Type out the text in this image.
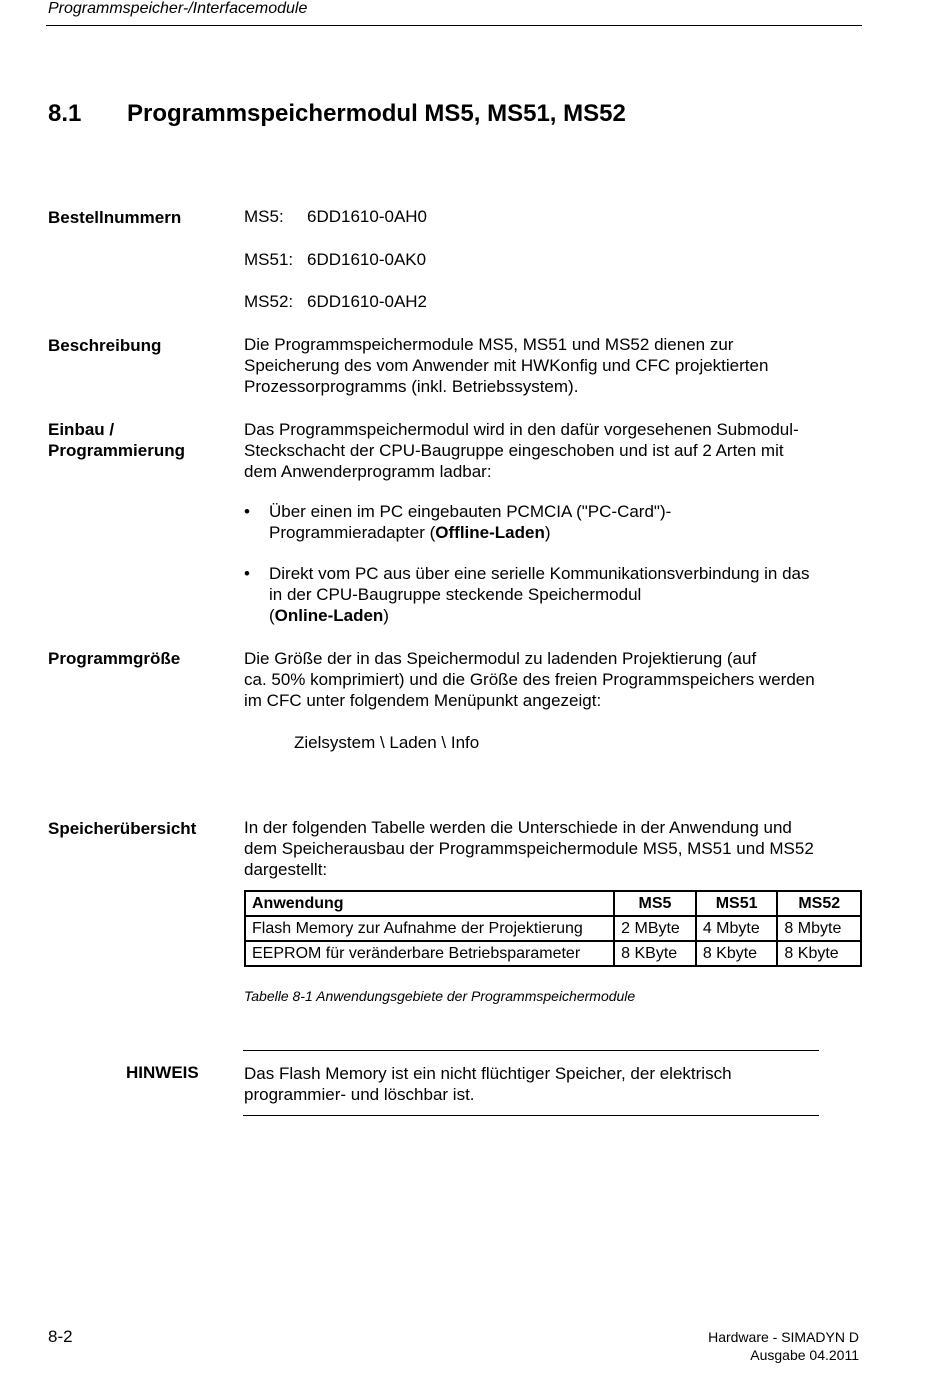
Programmspeicher-/Interfacemodule
8.1 Programmspeichermodul MS5, MS51, MS52
Bestellnummern	MS5: 6DD1610-0AH0
MS51: 6DD1610-0AK0
MS52: 6DD1610-0AH2
Beschreibung	Die Programmspeichermodule MS5, MS51 und MS52 dienen zur
Speicherung des vom Anwender mit HWKonfig und CFC projektierten
Prozessorprogramms (inkl. Betriebssystem).
Einbau /
Programmierung
Das Programmspeichermodul wird in den dafür vorgesehenen Submodul-
Steckschacht der CPU-Baugruppe eingeschoben und ist auf 2 Arten mit
dem Anwenderprogramm ladbar:
• Über einen im PC eingebauten PCMCIA ("PC-Card")-
Programmieradapter (Offline-Laden)
• Direkt vom PC aus über eine serielle Kommunikationsverbindung in das
in der CPU-Baugruppe steckende Speichermodul
(Online-Laden)
Programmgröße	Die Größe der in das Speichermodul zu ladenden Projektierung (auf
ca. 50% komprimiert) und die Größe des freien Programmspeichers werden
im CFC unter folgendem Menüpunkt angezeigt:
Zielsystem \ Laden \ Info
Speicherübersicht	In der folgenden Tabelle werden die Unterschiede in der Anwendung und
dem Speicherausbau der Programmspeichermodule MS5, MS51 und MS52
dargestellt:
Anwendung	MS5	MS51	MS52
Flash Memory zur Aufnahme der Projektierung	2 MByte	4 Mbyte	8 Mbyte
EEPROM für veränderbare Betriebsparameter	8 KByte	8 Kbyte	8 Kbyte
Tabelle 8-1 Anwendungsgebiete der Programmspeichermodule
HINWEIS	Das Flash Memory ist ein nicht flüchtiger Speicher, der elektrisch
programmier- und löschbar ist.
8-2	Hardware - SIMADYN D
Ausgabe 04.2011
